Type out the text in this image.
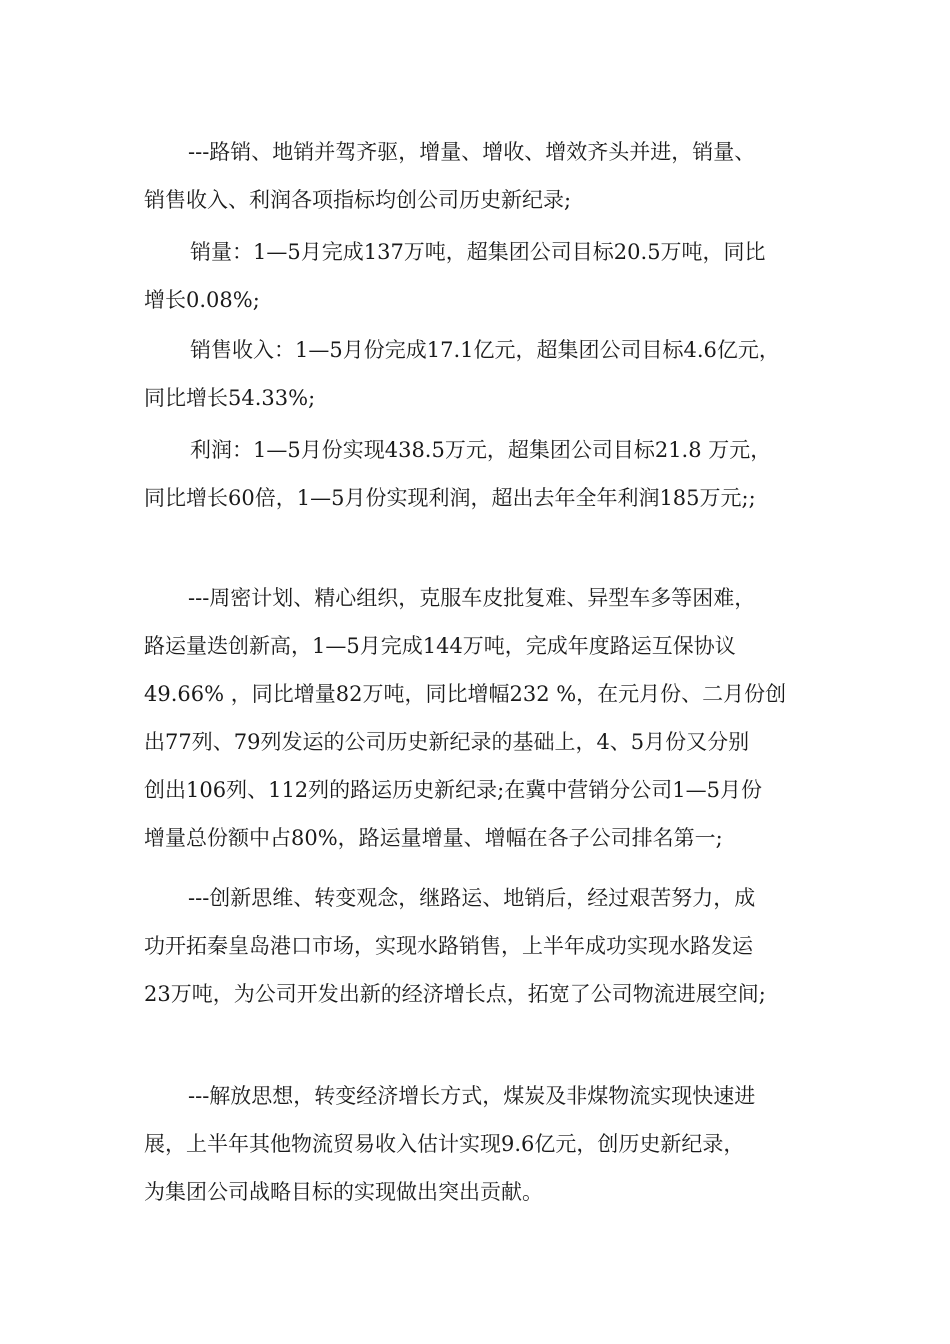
---路销、地销并驾齐驱，增量、增收、增效齐头并进，销量、
销售收入、利润各项指标均创公司历史新纪录;
销量：1—5月完成137万吨，超集团公司目标20.5万吨，同比
增长0.08%;
销售收入：1—5月份完成17.1亿元，超集团公司目标4.6亿元，
同比增长54.33%;
利润：1—5月份实现438.5万元，超集团公司目标21.8 万元，
同比增长60倍，1—5月份实现利润，超出去年全年利润185万元;;
---周密计划、精心组织，克服车皮批复难、异型车多等困难，
路运量迭创新高，1—5月完成144万吨，完成年度路运互保协议
49.66% ，同比增量82万吨，同比增幅232 %，在元月份、二月份创
出77列、79列发运的公司历史新纪录的基础上，4、5月份又分别
创出106列、112列的路运历史新纪录;在冀中营销分公司1—5月份
增量总份额中占80%，路运量增量、增幅在各子公司排名第一;
---创新思维、转变观念，继路运、地销后，经过艰苦努力，成
功开拓秦皇岛港口市场，实现水路销售，上半年成功实现水路发运
23万吨，为公司开发出新的经济增长点，拓宽了公司物流进展空间;
---解放思想，转变经济增长方式，煤炭及非煤物流实现快速进
展，上半年其他物流贸易收入估计实现9.6亿元，创历史新纪录，
为集团公司战略目标的实现做出突出贡献。
